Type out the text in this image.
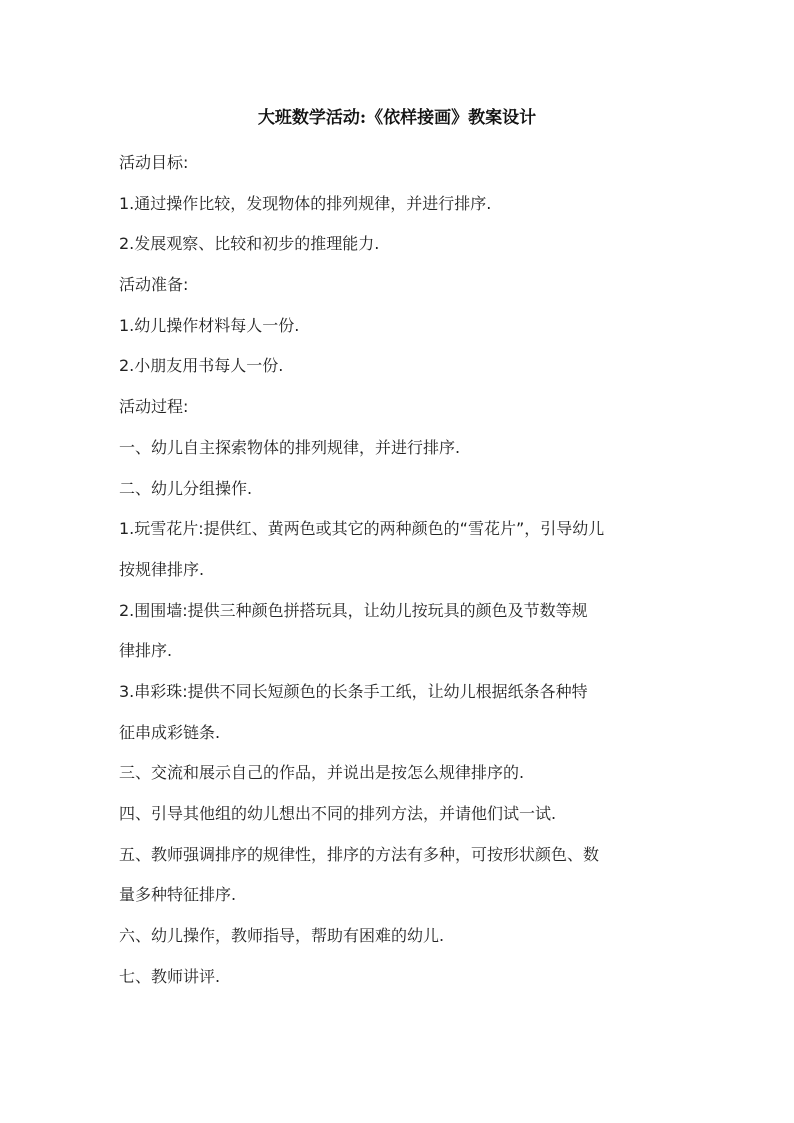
大班数学活动:《依样接画》教案设计
活动目标:
1.通过操作比较，发现物体的排列规律，并进行排序.
2.发展观察、比较和初步的推理能力.
活动准备:
1.幼儿操作材料每人一份.
2.小朋友用书每人一份.
活动过程:
一、幼儿自主探索物体的排列规律，并进行排序.
二、幼儿分组操作.
1.玩雪花片:提供红、黄两色或其它的两种颜色的“雪花片”，引导幼儿
按规律排序.
2.围围墙:提供三种颜色拼搭玩具，让幼儿按玩具的颜色及节数等规
律排序.
3.串彩珠:提供不同长短颜色的长条手工纸，让幼儿根据纸条各种特
征串成彩链条.
三、交流和展示自己的作品，并说出是按怎么规律排序的.
四、引导其他组的幼儿想出不同的排列方法，并请他们试一试.
五、教师强调排序的规律性，排序的方法有多种，可按形状颜色、数
量多种特征排序.
六、幼儿操作，教师指导，帮助有困难的幼儿.
七、教师讲评.
